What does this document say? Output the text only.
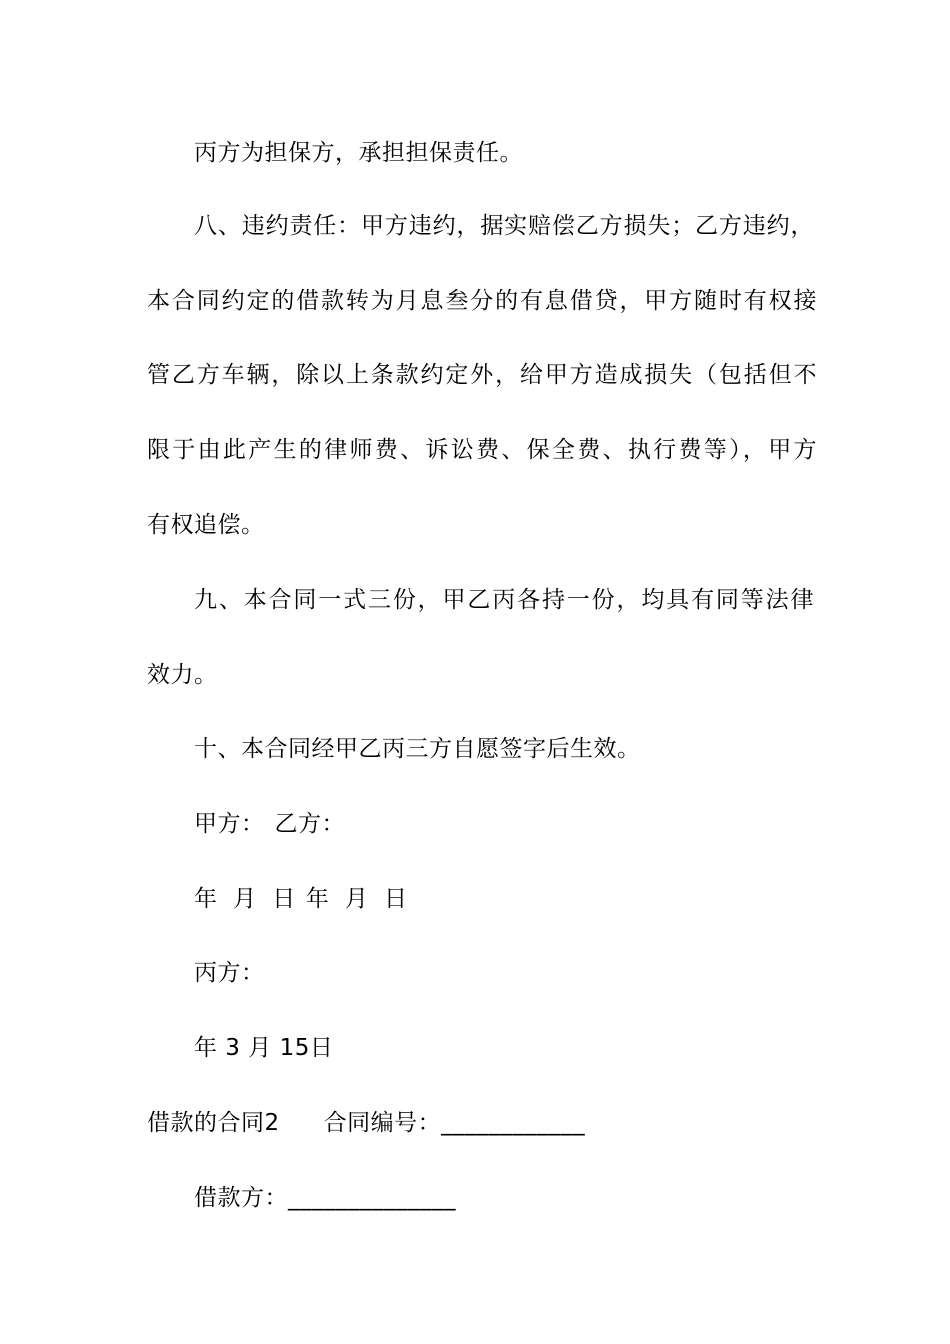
丙方为担保方，承担担保责任。
八、违约责任：甲方违约，据实赔偿乙方损失；乙方违约，
本合同约定的借款转为月息叁分的有息借贷，甲方随时有权接
管乙方车辆，除以上条款约定外，给甲方造成损失（包括但不
限于由此产生的律师费、诉讼费、保全费、执行费等），甲方
有权追偿。
九、本合同一式三份，甲乙丙各持一份，均具有同等法律
效力。
十、本合同经甲乙丙三方自愿签字后生效。
甲方： 乙方：
年  月  日 年  月  日
丙方：
年 3 月 15日
借款的合同2 合同编号：____________
借款方：______________
